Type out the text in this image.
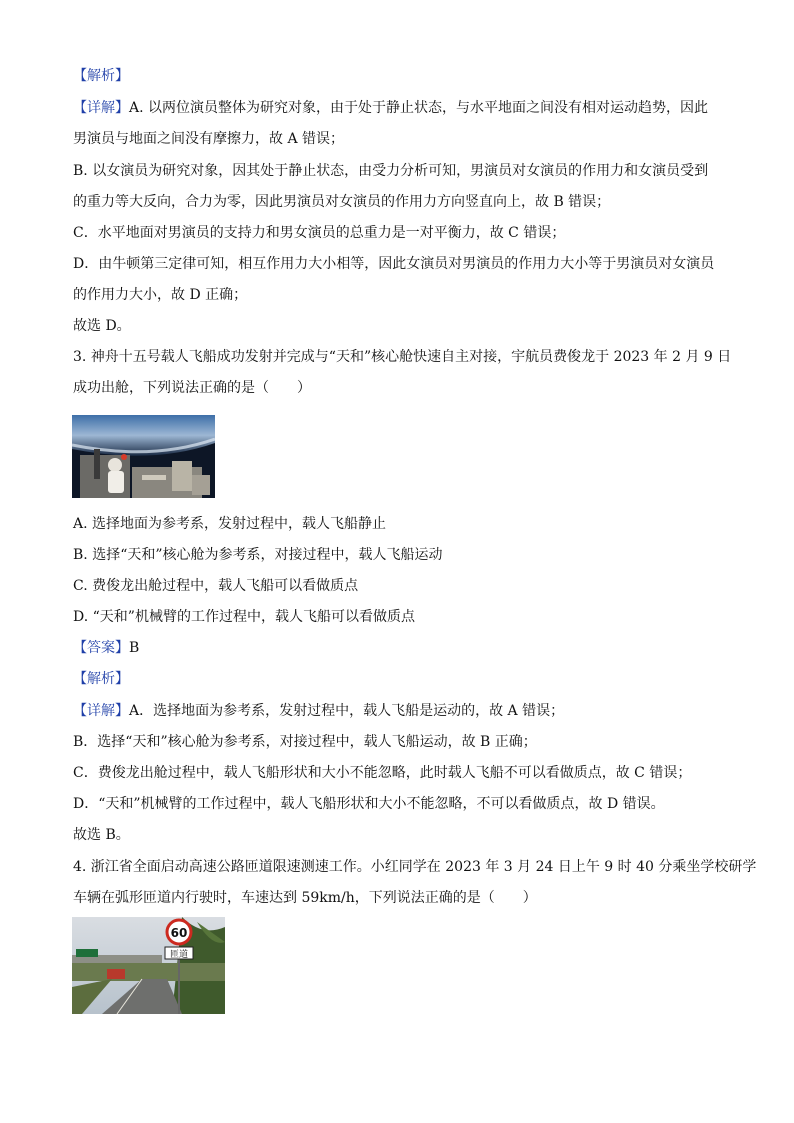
【解析】
【详解】A. 以两位演员整体为研究对象，由于处于静止状态，与水平地面之间没有相对运动趋势，因此
男演员与地面之间没有摩擦力，故 A 错误；
B. 以女演员为研究对象，因其处于静止状态，由受力分析可知，男演员对女演员的作用力和女演员受到
的重力等大反向，合力为零，因此男演员对女演员的作用力方向竖直向上，故 B 错误；
C．水平地面对男演员的支持力和男女演员的总重力是一对平衡力，故 C 错误；
D．由牛顿第三定律可知，相互作用力大小相等，因此女演员对男演员的作用力大小等于男演员对女演员
的作用力大小，故 D 正确；
故选 D。
3. 神舟十五号载人飞船成功发射并完成与“天和”核心舱快速自主对接，宇航员费俊龙于 2023 年 2 月 9 日
成功出舱，下列说法正确的是（　　）
A. 选择地面为参考系，发射过程中，载人飞船静止
B. 选择“天和”核心舱为参考系，对接过程中，载人飞船运动
C. 费俊龙出舱过程中，载人飞船可以看做质点
D. “天和”机械臂的工作过程中，载人飞船可以看做质点
【答案】B
【解析】
【详解】A．选择地面为参考系，发射过程中，载人飞船是运动的，故 A 错误；
B．选择“天和”核心舱为参考系，对接过程中，载人飞船运动，故 B 正确；
C．费俊龙出舱过程中，载人飞船形状和大小不能忽略，此时载人飞船不可以看做质点，故 C 错误；
D．“天和”机械臂的工作过程中，载人飞船形状和大小不能忽略，不可以看做质点，故 D 错误。
故选 B。
4. 浙江省全面启动高速公路匝道限速测速工作。小红同学在 2023 年 3 月 24 日上午 9 时 40 分乘坐学校研学
车辆在弧形匝道内行驶时，车速达到 59km/h，下列说法正确的是（　　）
60
匝道
